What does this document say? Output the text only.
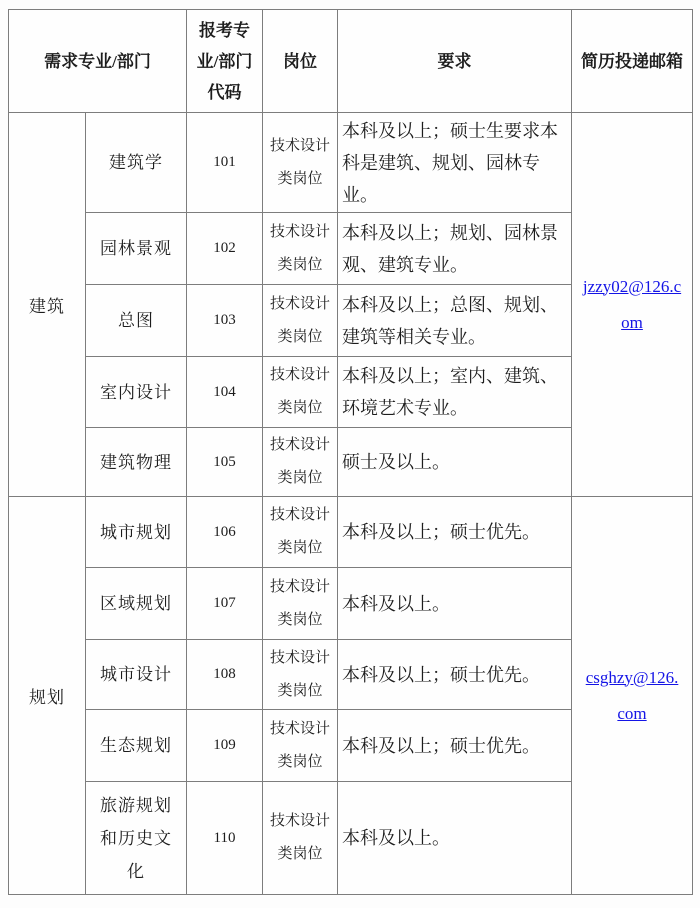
需求专业/部门		报考专业/部门代码	岗位	要求	简历投递邮箱
建筑	建筑学	101	技术设计类岗位	本科及以上；硕士生要求本科是建筑、规划、园林专业。	jzzy02@126.com
	园林景观	102	技术设计类岗位	本科及以上；规划、园林景观、建筑专业。	
	总图	103	技术设计类岗位	本科及以上；总图、规划、建筑等相关专业。	
	室内设计	104	技术设计类岗位	本科及以上；室内、建筑、环境艺术专业。	
	建筑物理	105	技术设计类岗位	硕士及以上。	
规划	城市规划	106	技术设计类岗位	本科及以上；硕士优先。	csghzy@126.com
	区域规划	107	技术设计类岗位	本科及以上。	
	城市设计	108	技术设计类岗位	本科及以上；硕士优先。	
	生态规划	109	技术设计类岗位	本科及以上；硕士优先。	
	旅游规划和历史文化	110	技术设计类岗位	本科及以上。	
